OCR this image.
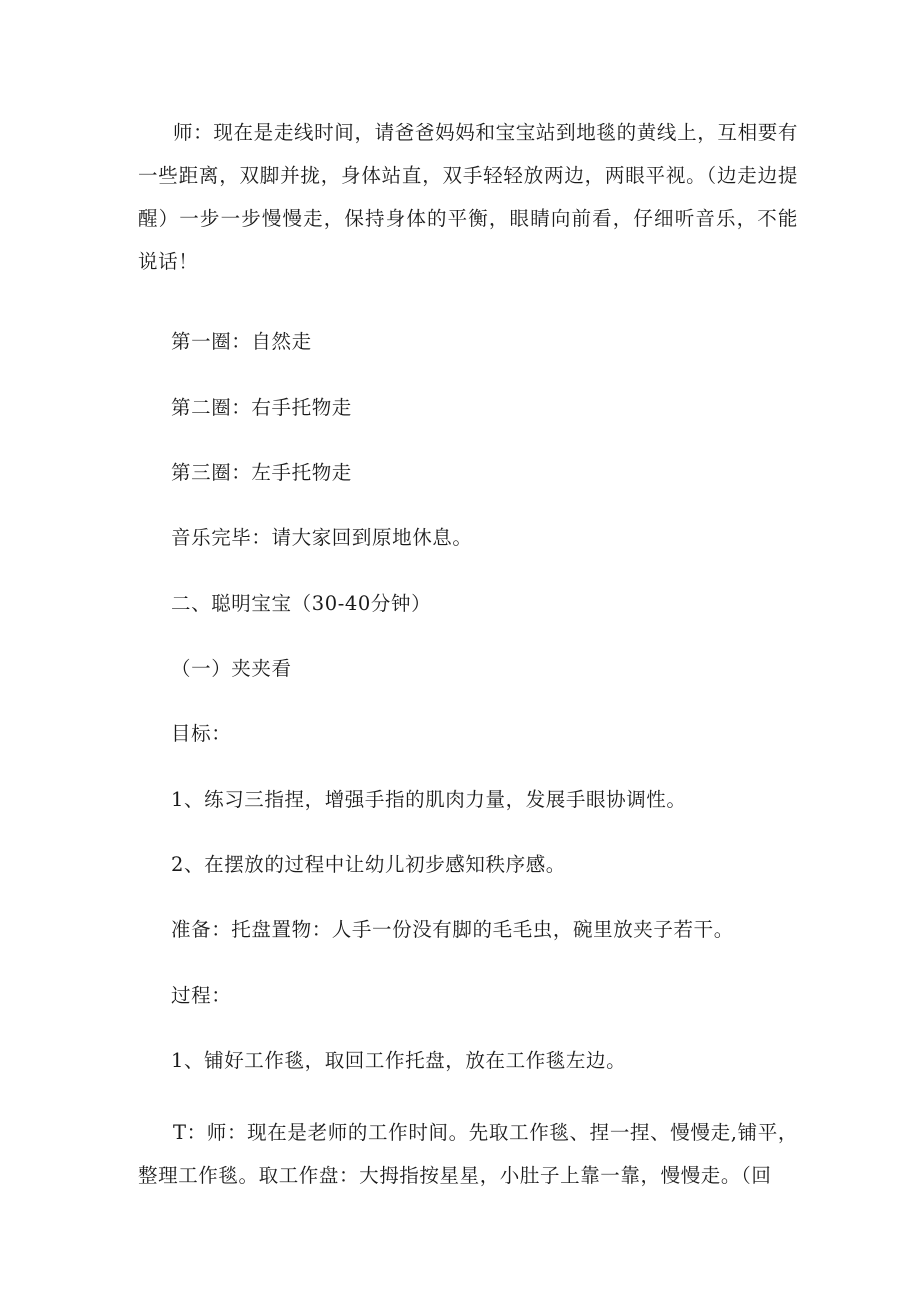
师：现在是走线时间，请爸爸妈妈和宝宝站到地毯的黄线上，互相要有一些距离，双脚并拢，身体站直，双手轻轻放两边，两眼平视。（边走边提醒）一步一步慢慢走，保持身体的平衡，眼睛向前看，仔细听音乐，不能说话！

第一圈：自然走

第二圈：右手托物走

第三圈：左手托物走

音乐完毕：请大家回到原地休息。

二、聪明宝宝（30-40分钟）

（一）夹夹看

目标：

1、练习三指捏，增强手指的肌肉力量，发展手眼协调性。

2、在摆放的过程中让幼儿初步感知秩序感。

准备：托盘置物：人手一份没有脚的毛毛虫，碗里放夹子若干。

过程：

1、铺好工作毯，取回工作托盘，放在工作毯左边。

T：师：现在是老师的工作时间。先取工作毯、捏一捏、慢慢走,铺平，整理工作毯。取工作盘：大拇指按星星，小肚子上靠一靠，慢慢走。（回
